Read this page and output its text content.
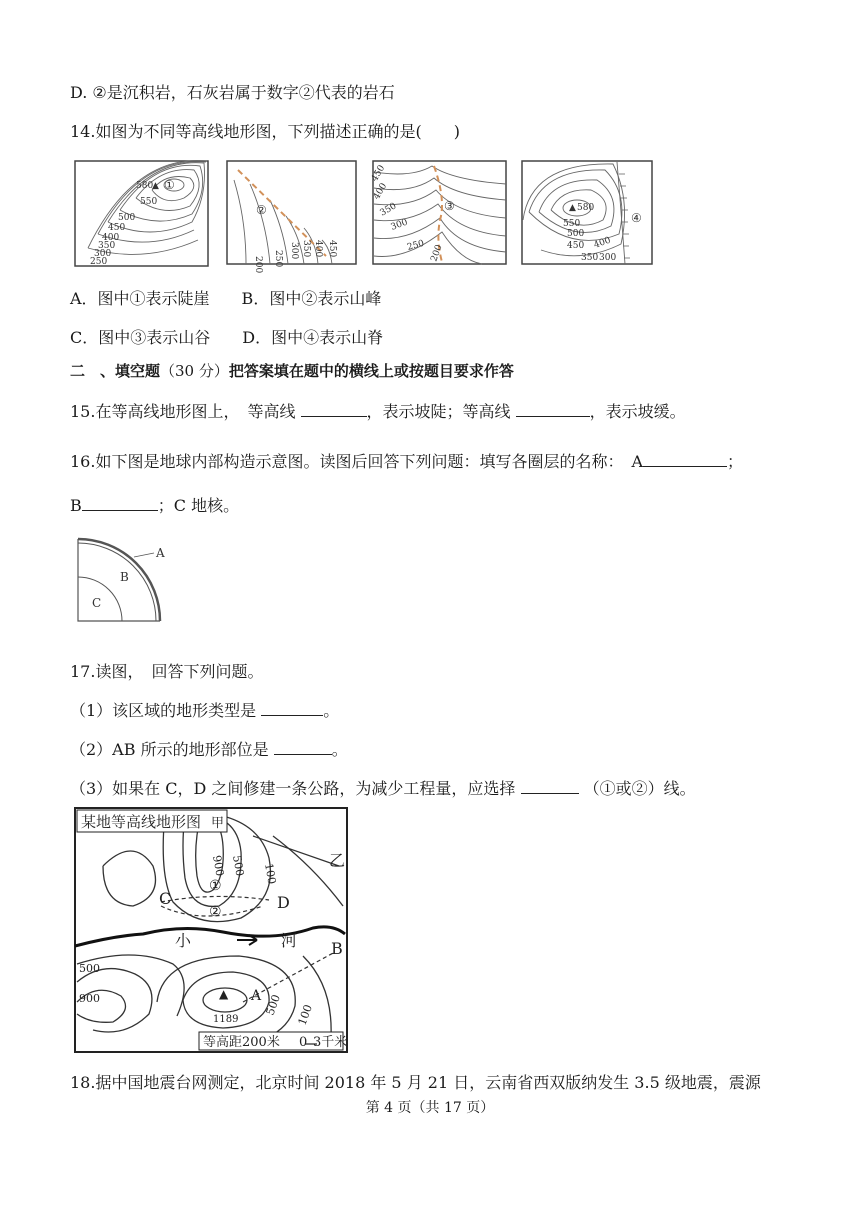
D. ②是沉积岩，石灰岩属于数字②代表的岩石
14.如图为不同等高线地形图，下列描述正确的是(　　)
580
▲
550
500
450
400
350
300
250
①
②
200 250 300 350 400 450
③
450
400
350
300
250 200
▲ 580
550
500
450 400
350 300
④
A．图中①表示陡崖　　B．图中②表示山峰
C．图中③表示山谷　　D．图中④表示山脊
二　、填空题（30 分）把答案填在题中的横线上或按题目要求作答
15.在等高线地形图上，　等高线	，表示坡陡；等高线	，表示坡缓。
16.如下图是地球内部构造示意图。读图后回答下列问题：填写各圈层的名称：　A	；
B	；C 地核。
A
B
C
17.读图，　回答下列问题。
（1）该区域的地形类型是	。
（2）AB 所示的地形部位是	。
（3）如果在 C，D 之间修建一条公路，为减少工程量，应选择	（①或②）线。
某地等高线地形图 甲
乙
C	D
①
②
小	河 B
A
▲
1189
900 500 100
500
900	500 100
等高距200米 0 3千米
18.据中国地震台网测定，北京时间 2018 年 5 月 21 日，云南省西双版纳发生 3.5 级地震，震源
第 4 页（共 17 页）
